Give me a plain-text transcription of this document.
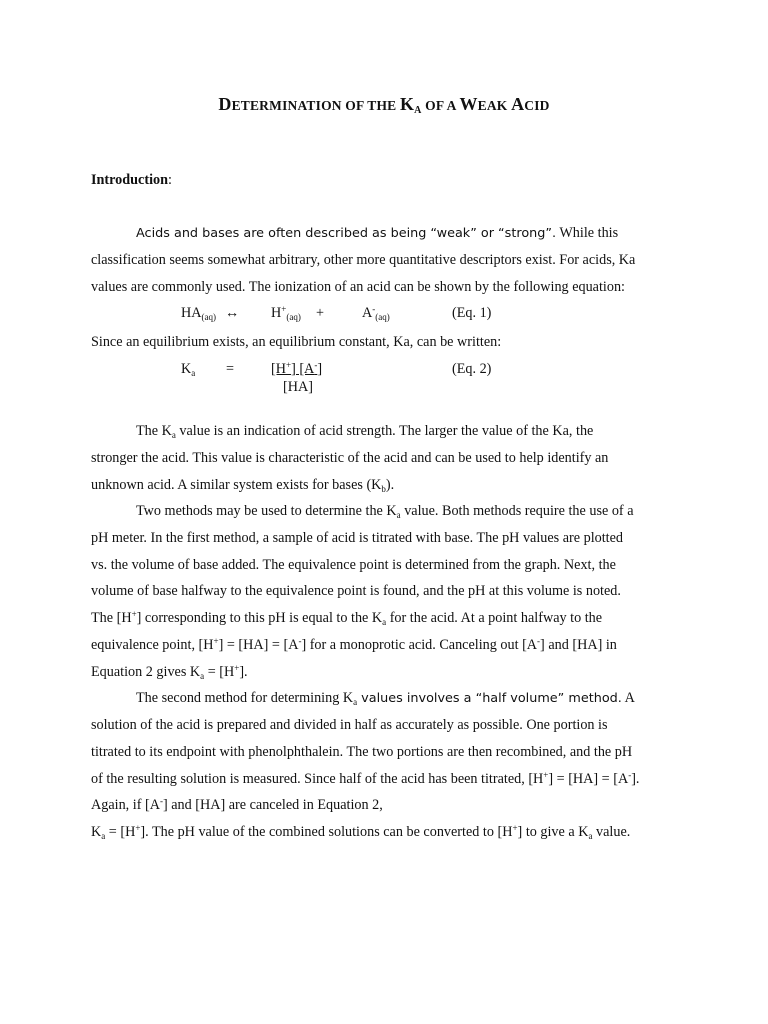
DETERMINATION OF THE $K_A$ OF A WEAK ACID
Introduction:
Acids and bases are often described as being “weak” or “strong”. While this
classification seems somewhat arbitrary, other more quantitative descriptors exist. For acids, Ka
values are commonly used. The ionization of an acid can be shown by the following equation:
$HA_{(aq)}$ ↔ $H^+_{(aq)}$ +	$A^-_{(aq)}$	(Eq. 1)
Since an equilibrium exists, an equilibrium constant, Ka, can be written:
$K_a$ =	[H+] [A-]
[HA]
(Eq. 2)
The $K_a$ value is an indication of acid strength. The larger the value of the Ka, the
stronger the acid. This value is characteristic of the acid and can be used to help identify an
unknown acid. A similar system exists for bases $(K_b)$.
Two methods may be used to determine the $K_a$ value. Both methods require the use of a
pH meter. In the first method, a sample of acid is titrated with base. The pH values are plotted
vs. the volume of base added. The equivalence point is determined from the graph. Next, the
volume of base halfway to the equivalence point is found, and the pH at this volume is noted.
The [H+] corresponding to this pH is equal to the $K_a$ for the acid. At a point halfway to the
equivalence point, [H+] = [HA] = [A-] for a monoprotic acid. Canceling out [A-] and [HA] in
Equation 2 gives $K_a = [H^+]$.
The second method for determining $K_a$ values involves a “half volume” method. A
solution of the acid is prepared and divided in half as accurately as possible. One portion is
titrated to its endpoint with phenolphthalein. The two portions are then recombined, and the pH
of the resulting solution is measured. Since half of the acid has been titrated, [H+] = [HA] = [A-].
Again, if [A-] and [HA] are canceled in Equation 2,
$K_a = [H^+]$. The pH value of the combined solutions can be converted to [H+] to give a $K_a$ value.
